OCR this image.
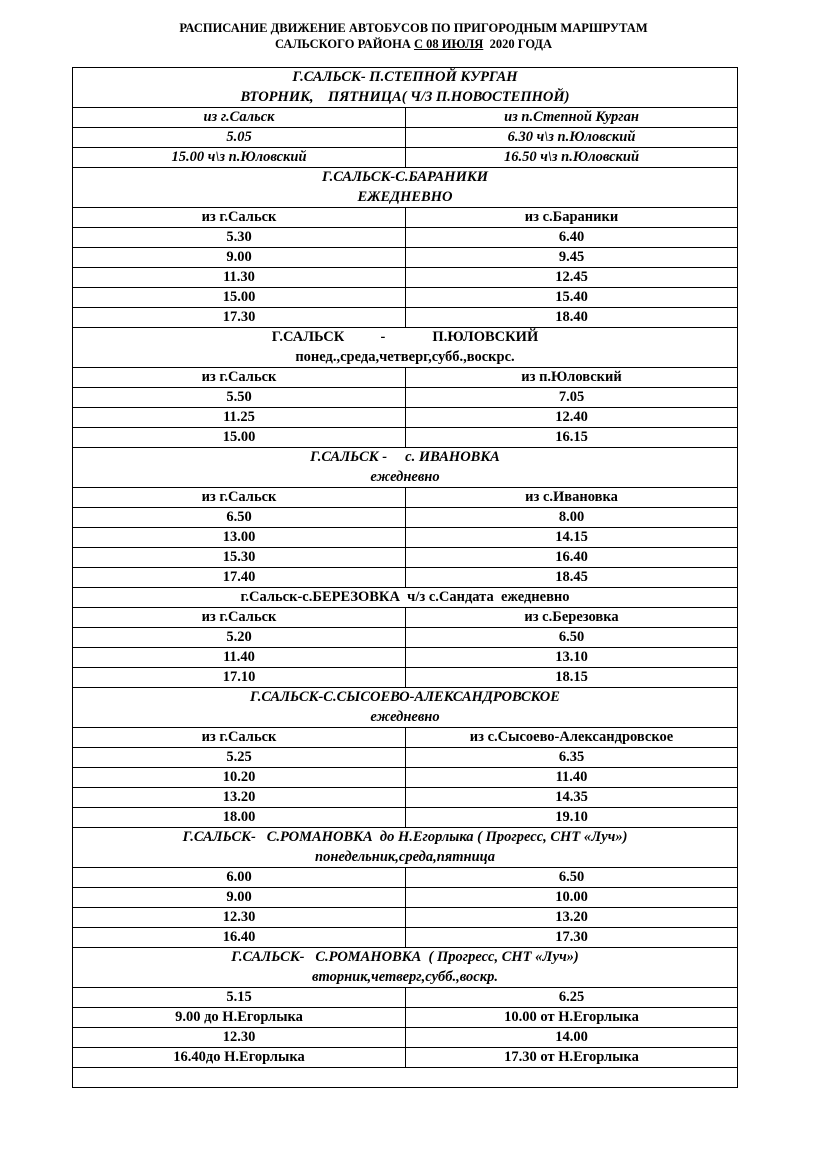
РАСПИСАНИЕ ДВИЖЕНИЕ АВТОБУСОВ ПО ПРИГОРОДНЫМ МАРШРУТАМ
САЛЬСКОГО РАЙОНА С 08 ИЮЛЯ  2020 ГОДА
Г.САЛЬСК- П.СТЕПНОЙ КУРГАН
ВТОРНИК,    ПЯТНИЦА( Ч/З П.НОВОСТЕПНОЙ)	

из г.Сальск	из п.Степной Курган
5.05	6.30 ч\з п.Юловский
15.00 ч\з п.Юловский	16.50 ч\з п.Юловский

Г.САЛЬСК-С.БАРАНИКИ
ЕЖЕДНЕВНО	

из г.Сальск	из с.Бараники
5.30	6.40
9.00	9.45
11.30	12.45
15.00	15.40
17.30	18.40

Г.САЛЬСК          -             П.ЮЛОВСКИЙ
понед.,среда,четверг,субб.,воскрс.	

из г.Сальск	из п.Юловский
5.50	7.05
11.25	12.40
15.00	16.15

Г.САЛЬСК -     с. ИВАНОВКА
ежедневно	

из г.Сальск	из с.Ивановка
6.50	8.00
13.00	14.15
15.30	16.40
17.40	18.45
г.Сальск-с.БЕРЕЗОВКА  ч/з с.Сандата  ежедневно	
из г.Сальск	из с.Березовка
5.20	6.50
11.40	13.10
17.10	18.15

Г.САЛЬСК-С.СЫСОЕВО-АЛЕКСАНДРОВСКОЕ
ежедневно	

из г.Сальск	из с.Сысоево-Александровское
5.25	6.35
10.20	11.40
13.20	14.35
18.00	19.10

Г.САЛЬСК-   С.РОМАНОВКА  до Н.Егорлыка ( Прогресс, СНТ «Луч»)
понедельник,среда,пятница	

6.00	6.50
9.00	10.00
12.30	13.20
16.40	17.30

Г.САЛЬСК-   С.РОМАНОВКА  ( Прогресс, СНТ «Луч»)
вторник,четверг,субб.,воскр.	

5.15	6.25
9.00 до Н.Егорлыка	10.00 от Н.Егорлыка
12.30	14.00
16.40до Н.Егорлыка	17.30 от Н.Егорлыка
